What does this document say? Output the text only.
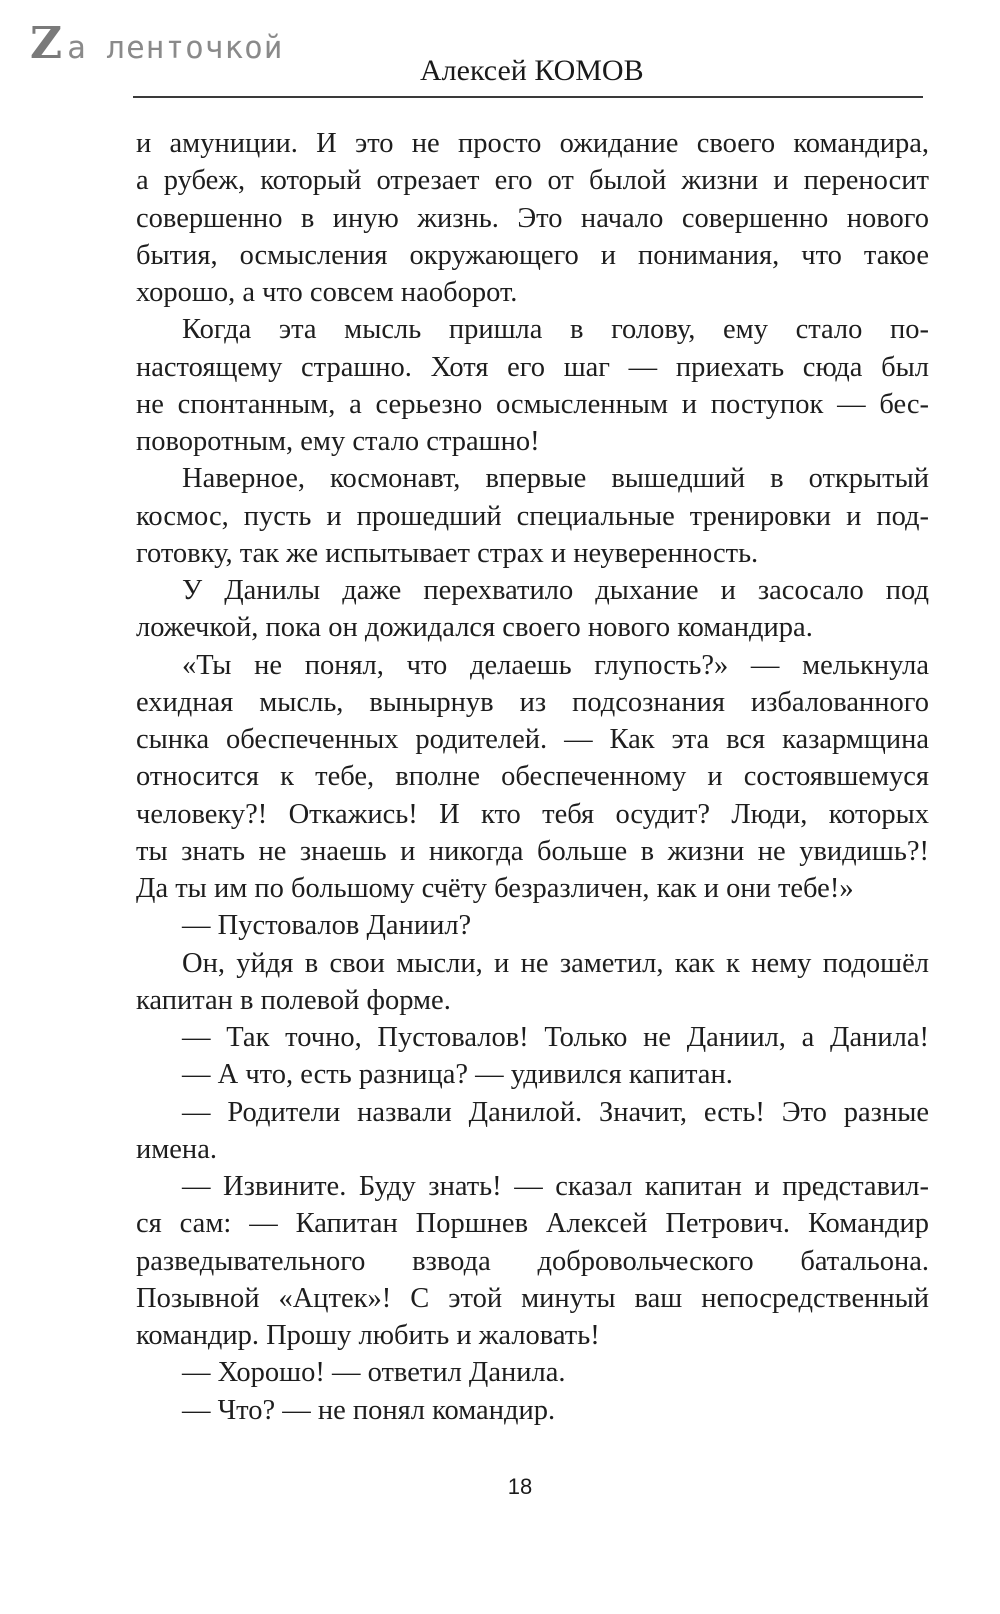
Z а ленточкой
Алексей КОМОВ
и амуниции. И это не просто ожидание своего командира,
а рубеж, который отрезает его от былой жизни и переносит
совершенно в иную жизнь. Это начало совершенно нового
бытия, осмысления окружающего и понимания, что такое
хорошо, а что совсем наоборот.
Когда эта мысль пришла в голову, ему стало по-
настоящему страшно. Хотя его шаг — приехать сюда был
не спонтанным, а серьезно осмысленным и поступок — бес-
поворотным, ему стало страшно!
Наверное, космонавт, впервые вышедший в открытый
космос, пусть и прошедший специальные тренировки и под-
готовку, так же испытывает страх и неуверенность.
У Данилы даже перехватило дыхание и засосало под
ложечкой, пока он дожидался своего нового командира.
«Ты не понял, что делаешь глупость?» — мелькнула
ехидная мысль, вынырнув из подсознания избалованного
сынка обеспеченных родителей. — Как эта вся казармщина
относится к тебе, вполне обеспеченному и состоявшемуся
человеку?! Откажись! И кто тебя осудит? Люди, которых
ты знать не знаешь и никогда больше в жизни не увидишь?!
Да ты им по большому счёту безразличен, как и они тебе!»
— Пустовалов Даниил?
Он, уйдя в свои мысли, и не заметил, как к нему подошёл
капитан в полевой форме.
— Так точно, Пустовалов! Только не Даниил, а Данила!
— А что, есть разница? — удивился капитан.
— Родители назвали Данилой. Значит, есть! Это разные
имена.
— Извините. Буду знать! — сказал капитан и представил-
ся сам: — Капитан Поршнев Алексей Петрович. Командир
разведывательного взвода добровольческого батальона.
Позывной «Ацтек»! С этой минуты ваш непосредственный
командир. Прошу любить и жаловать!
— Хорошо! — ответил Данила.
— Что? — не понял командир.
18
